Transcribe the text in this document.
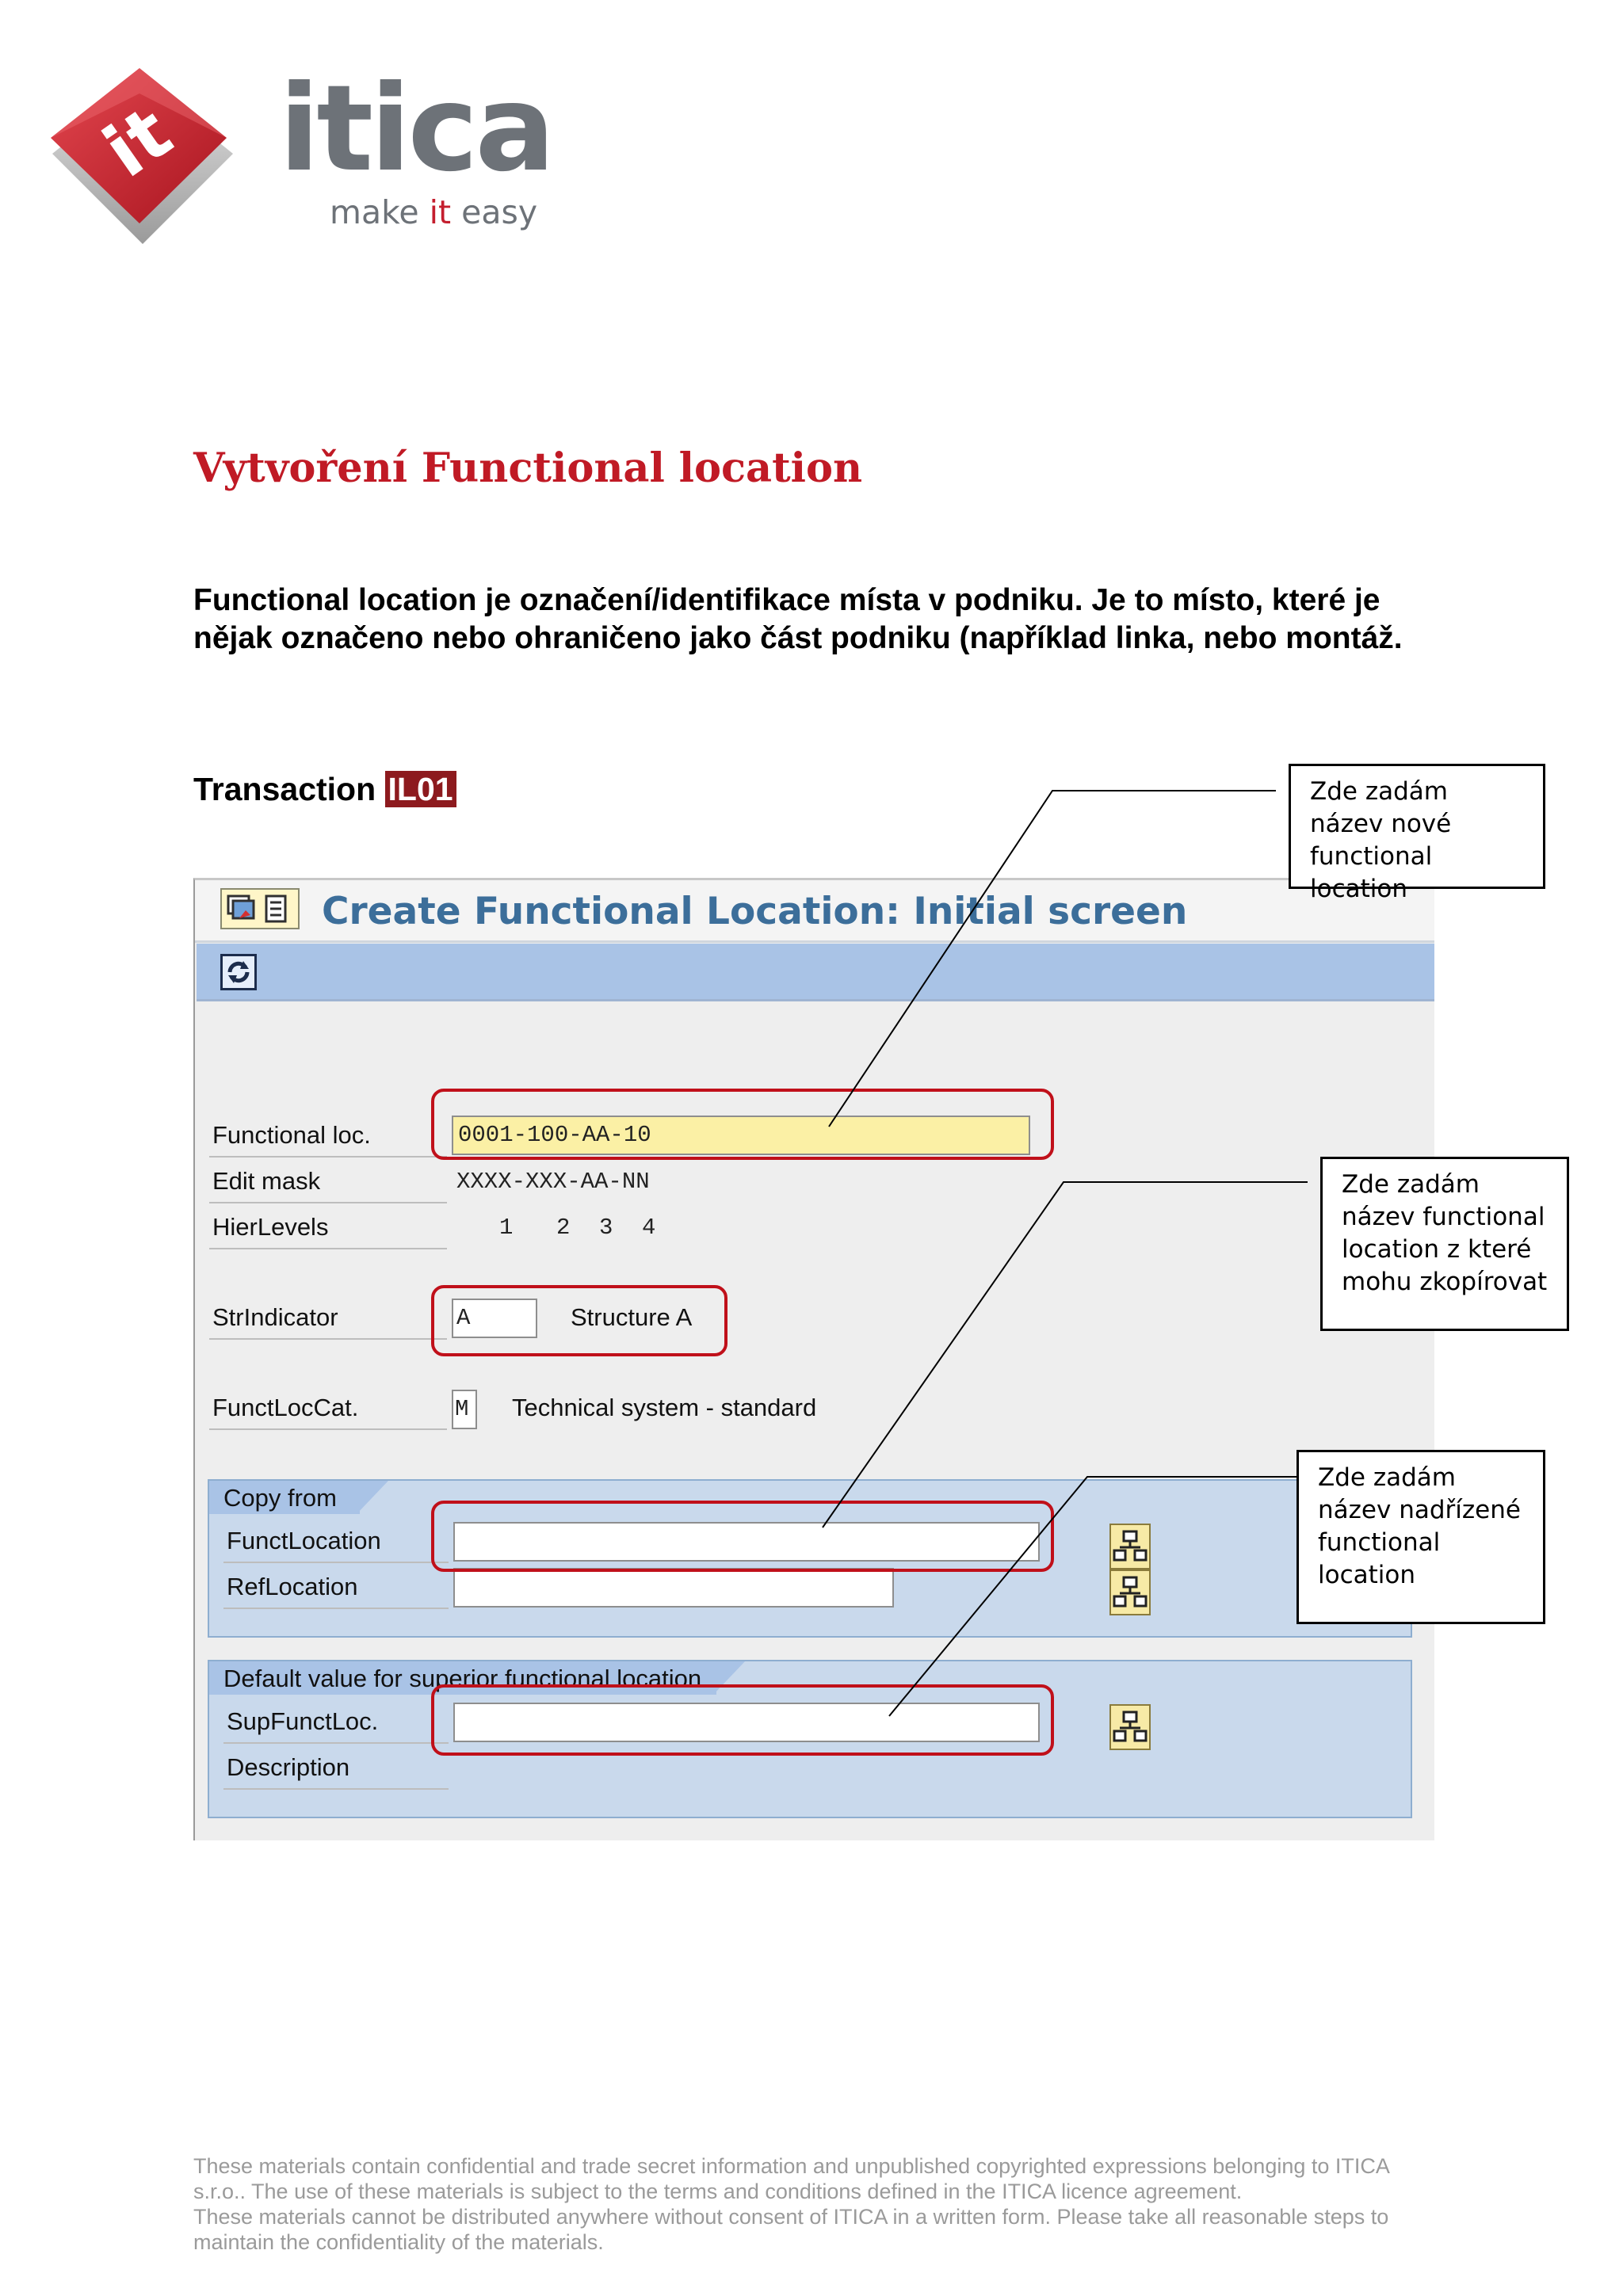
it itica
make it easy
Vytvoření Functional location
Functional location je označení/identifikace místa v podniku. Je to místo, které je nějak označeno nebo ohraničeno jako část podniku (například linka, nebo montáž.
Transaction IL01
Create Functional Location: Initial screen
Functional loc.	0001-100-AA-10
Edit mask	XXXX-XXX-AA-NN
HierLevels	1 2 3 4
StrIndicator	A	Structure A
FunctLocCat.	M Technical system - standard
Copy from
FunctLocation
RefLocation
Default value for superior functional location
SupFunctLoc.
Description
Zde zadám název nové functional location
Zde zadám název functional location z které mohu zkopírovat
Zde zadám název nadřízené functional location
These materials contain confidential and trade secret information and unpublished copyrighted expressions belonging to ITICA s.r.o.. The use of these materials is subject to the terms and conditions defined in the ITICA licence agreement.
These materials cannot be distributed anywhere without consent of ITICA in a written form. Please take all reasonable steps to maintain the confidentiality of the materials.
